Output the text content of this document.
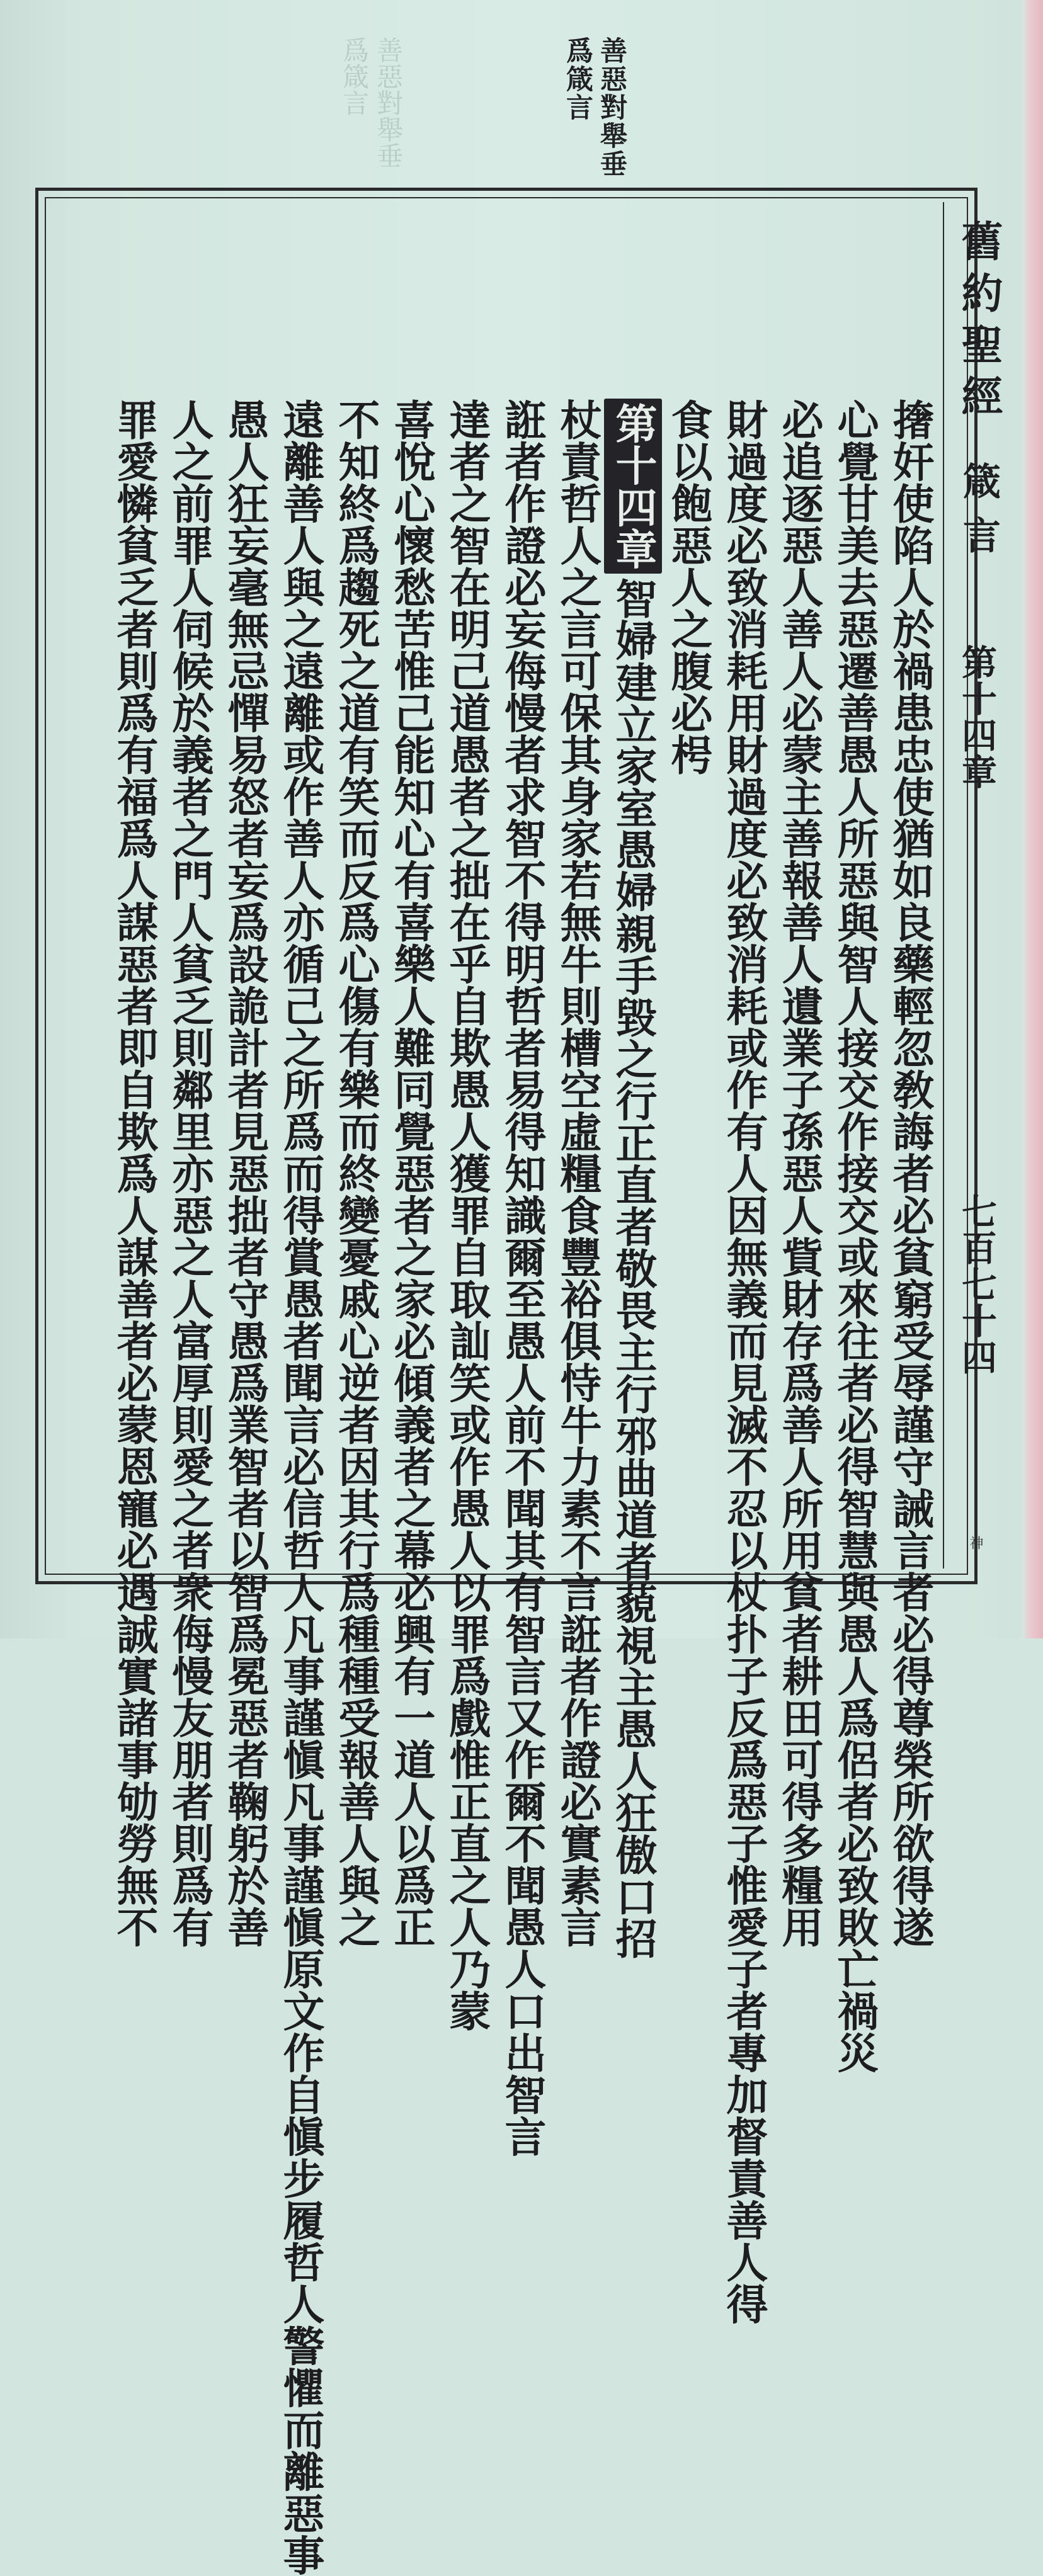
善惡對舉垂
爲箴言	善惡對舉垂
爲箴言
舊約聖經
箴言
第十四章
七百七十四
神
撦奸使陷人於禍患忠使猶如良藥輕忽敎誨者必貧窮受辱謹守誡言者必得尊榮所欲得遂
心覺甘美去惡遷善愚人所惡與智人接交作接交或來往者必得智慧與愚人爲侶者必致敗亡禍災
必追逐惡人善人必蒙主善報善人遺業子孫惡人貲財存爲善人所用貧者耕田可得多糧用
財過度必致消耗用財過度必致消耗或作有人因無義而見滅不忍以杖扑子反爲惡子惟愛子者專加督責善人得
食以飽惡人之腹必枵
第十四章智婦建立家室愚婦親手毀之行正直者敬畏主行邪曲道者藐視主愚人狂傲口招
杖責哲人之言可保其身家若無牛則槽空虛糧食豐裕俱恃牛力素不言誑者作證必實素言
誑者作證必妄侮慢者求智不得明哲者易得知識爾至愚人前不聞其有智言又作爾不聞愚人口出智言
達者之智在明己道愚者之拙在乎自欺愚人獲罪自取訕笑或作愚人以罪爲戲惟正直之人乃蒙
喜悅心懷愁苦惟己能知心有喜樂人難同覺惡者之家必傾義者之幕必興有一道人以爲正
不知終爲趨死之道有笑而反爲心傷有樂而終變憂戚心逆者因其行爲種種受報善人與之
遠離善人與之遠離或作善人亦循己之所爲而得賞愚者聞言必信哲人凡事謹愼凡事謹愼原文作自愼步履哲人警懼而離惡事
愚人狂妄毫無忌憚易怒者妄爲設詭計者見惡拙者守愚爲業智者以智爲冕惡者鞠躬於善
人之前罪人伺候於義者之門人貧乏則鄰里亦惡之人富厚則愛之者衆侮慢友朋者則爲有
罪愛憐貧乏者則爲有福爲人謀惡者即自欺爲人謀善者必蒙恩寵必遇誠實諸事劬勞無不
